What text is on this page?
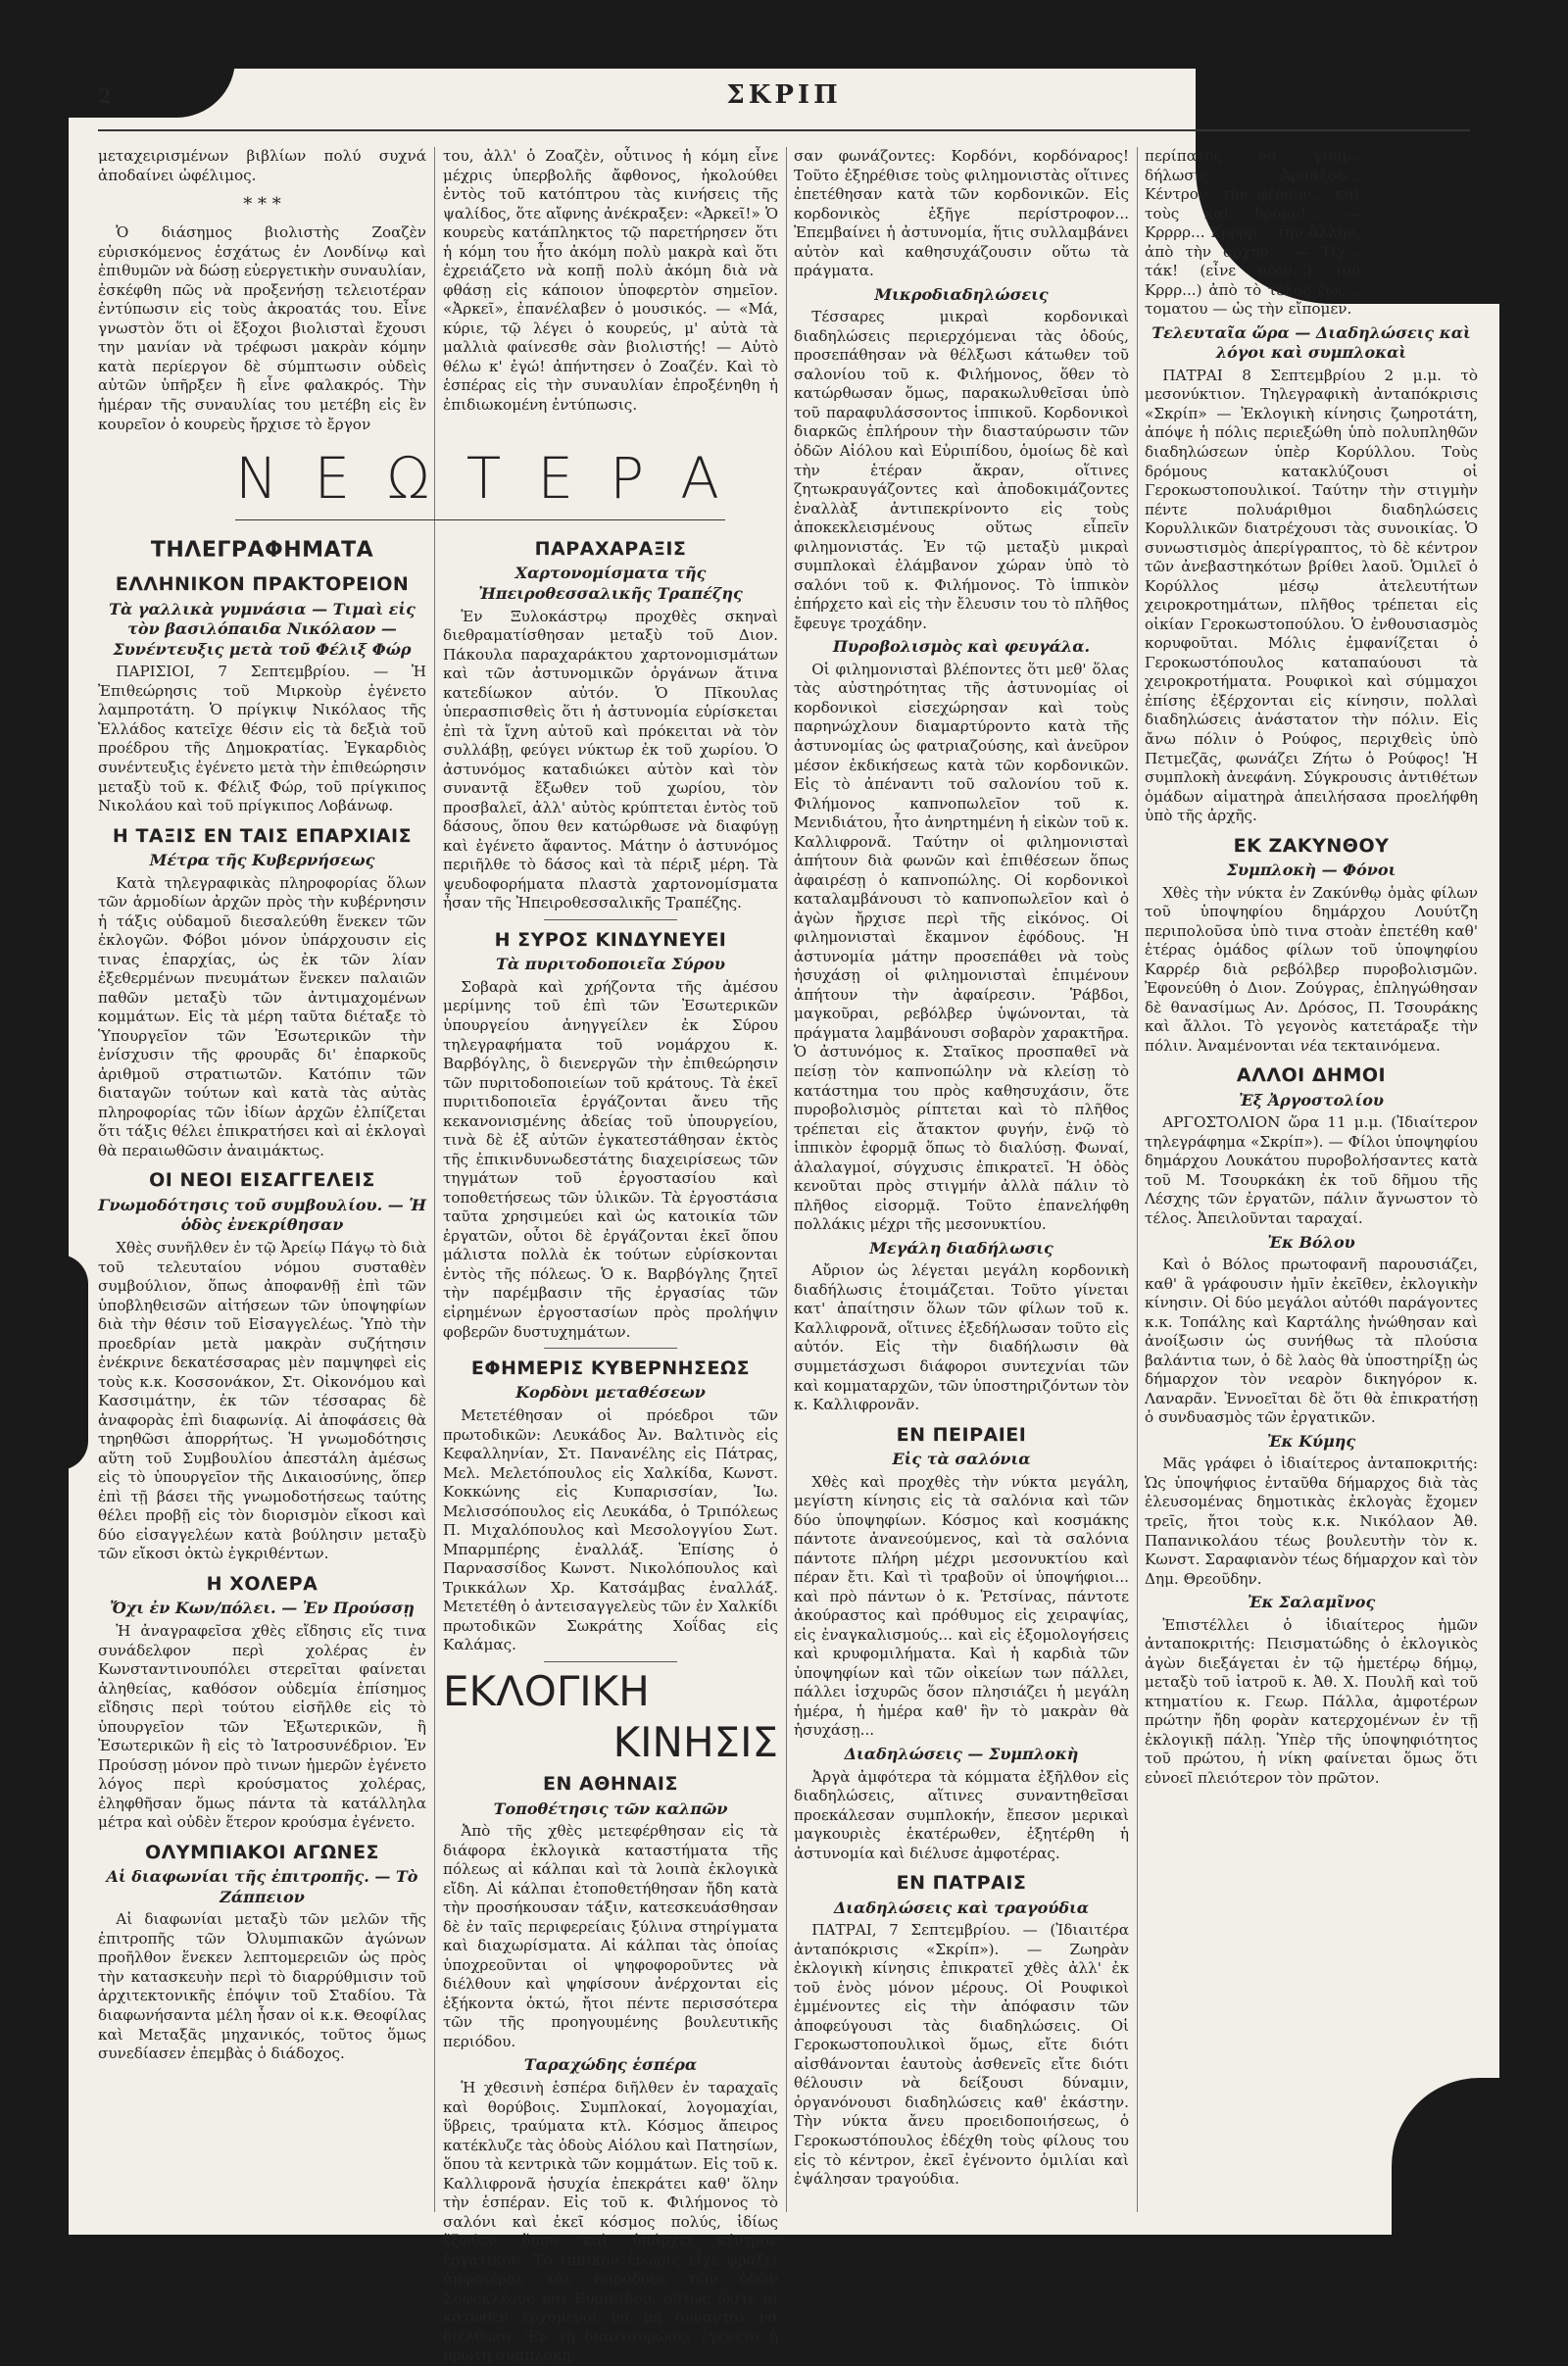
2	ΣΚΡΙΠ

μεταχειρισμένων βιβλίων πολύ συχνά ἀποδαίνει ὠφέλιμος.

* * *

Ὁ διάσημος βιολιστὴς Ζοαζὲν εὑρισκόμενος ἐσχάτως ἐν Λονδίνῳ καὶ ἐπιθυμῶν νὰ δώσῃ εὐεργετικὴν συναυλίαν, ἐσκέφθη πῶς νὰ προξενήσῃ τελειοτέραν ἐντύπωσιν εἰς τοὺς ἀκροατάς του. Εἶνε γνωστὸν ὅτι οἱ ἔξοχοι βιολισταὶ ἔχουσι την μανίαν νὰ τρέφωσι μακρὰν κόμην κατὰ περίεργον δὲ σύμπτωσιν οὐδεὶς αὐτῶν ὑπῆρξεν ἢ εἶνε φαλακρός. Τὴν ἡμέραν τῆς συναυλίας του μετέβη εἰς ἓν κουρεῖον ὁ κουρεὺς ἤρχισε τὸ ἔργον

του, ἀλλ' ὁ Ζοαζὲν, οὗτινος ἡ κόμη εἶνε μέχρις ὑπερβολῆς ἄφθονος, ἠκολούθει ἐντὸς τοῦ κατόπτρου τὰς κινήσεις τῆς ψαλίδος, ὅτε αἴφνης ἀνέκραξεν: «Ἀρκεῖ!» Ὁ κουρεὺς κατάπληκτος τῷ παρετήρησεν ὅτι ἡ κόμη του ἦτο ἀκόμη πολὺ μακρὰ καὶ ὅτι ἐχρειάζετο νὰ κοπῇ πολὺ ἀκόμη διὰ νὰ φθάσῃ εἰς κάποιον ὑποφερτὸν σημεῖον. «Ἀρκεῖ», ἐπανέλαβεν ὁ μουσικός. — «Μά, κύριε, τῷ λέγει ὁ κουρεύς, μ' αὐτὰ τὰ μαλλιὰ φαίνεσθε σὰν βιολιστής! — Αὐτὸ θέλω κ' ἐγώ! ἀπήντησεν ὁ Ζοαζέν. Καὶ τὸ ἑσπέρας εἰς τὴν συναυλίαν ἐπροξένηθη ἡ ἐπιδιωκομένη ἐντύπωσις.

Ν Ε Ω Τ Ε Ρ Α
ΤΗΛΕΓΡΑΦΗΜΑΤΑ
ΕΛΛΗΝΙΚΟΝ ΠΡΑΚΤΟΡΕΙΟΝ
Τὰ γαλλικὰ γυμνάσια — Τιμαὶ εἰς τὸν βασιλόπαιδα Νικόλαον — Συνέντευξις μετὰ τοῦ Φέλιξ Φώρ

ΠΑΡΙΣΙΟΙ, 7 Σεπτεμβρίου. — Ἡ Ἐπιθεώρησις τοῦ Μιρκοὺρ ἐγένετο λαμπροτάτη. Ὁ πρίγκιψ Νικόλαος τῆς Ἑλλάδος κατεῖχε θέσιν εἰς τὰ δεξιὰ τοῦ προέδρου τῆς Δημοκρατίας. Ἐγκαρδιὸς συνέντευξις ἐγένετο μετὰ τὴν ἐπιθεώρησιν μεταξὺ τοῦ κ. Φέλιξ Φώρ, τοῦ πρίγκιπος Νικολάου καὶ τοῦ πρίγκιπος Λοβάνωφ.

Η ΤΑΞΙΣ ΕΝ ΤΑΙΣ ΕΠΑΡΧΙΑΙΣ
Μέτρα τῆς Κυβερνήσεως

Κατὰ τηλεγραφικὰς πληροφορίας ὅλων τῶν ἁρμοδίων ἀρχῶν πρὸς τὴν κυβέρνησιν ἡ τάξις οὐδαμοῦ διεσαλεύθη ἕνεκεν τῶν ἐκλογῶν. Φόβοι μόνον ὑπάρχουσιν εἰς τινας ἐπαρχίας, ὡς ἐκ τῶν λίαν ἐξεθερμένων πνευμάτων ἕνεκεν παλαιῶν παθῶν μεταξὺ τῶν ἀντιμαχομένων κομμάτων. Εἰς τὰ μέρη ταῦτα διέταξε τὸ Ὑπουργεῖον τῶν Ἐσωτερικῶν τὴν ἐνίσχυσιν τῆς φρουρᾶς δι' ἐπαρκοῦς ἀριθμοῦ στρατιωτῶν. Κατόπιν τῶν διαταγῶν τούτων καὶ κατὰ τὰς αὐτὰς πληροφορίας τῶν ἰδίων ἀρχῶν ἐλπίζεται ὅτι τάξις θέλει ἐπικρατήσει καὶ αἱ ἐκλογαὶ θὰ περαιωθῶσιν ἀναιμάκτως.

ΟΙ ΝΕΟΙ ΕΙΣΑΓΓΕΛΕΙΣ
Γνωμοδότησις τοῦ συμβουλίου. — Ἡ ὁδὸς ἐνεκρίθησαν

Χθὲς συνῆλθεν ἐν τῷ Ἀρείῳ Πάγῳ τὸ διὰ τοῦ τελευταίου νόμου συσταθὲν συμβούλιον, ὅπως ἀποφανθῇ ἐπὶ τῶν ὑποβληθεισῶν αἰτήσεων τῶν ὑποψηφίων διὰ τὴν θέσιν τοῦ Εἰσαγγελέως. Ὑπὸ τὴν προεδρίαν μετὰ μακρὰν συζήτησιν ἐνέκρινε δεκατέσσαρας μὲν παμψηφεὶ εἰς τοὺς κ.κ. Κοσσονάκον, Στ. Οἰκονόμου καὶ Κασσιμάτην, ἐκ τῶν τέσσαρας δὲ ἀναφορὰς ἐπὶ διαφωνίᾳ. Αἱ ἀποφάσεις θὰ τηρηθῶσι ἀπορρήτως. Ἡ γνωμοδότησις αὕτη τοῦ Συμβουλίου ἀπεστάλη ἀμέσως εἰς τὸ ὑπουργεῖον τῆς Δικαιοσύνης, ὅπερ ἐπὶ τῇ βάσει τῆς γνωμοδοτήσεως ταύτης θέλει προβῇ εἰς τὸν διορισμὸν εἴκοσι καὶ δύο εἰσαγγελέων κατὰ βούλησιν μεταξὺ τῶν εἴκοσι ὀκτὼ ἐγκριθέντων.

Η ΧΟΛΕΡΑ
Ὄχι ἐν Κων/πόλει. — Ἐν Προύσσῃ

Ἡ ἀναγραφεῖσα χθὲς εἴδησις εἴς τινα συνάδελφον περὶ χολέρας ἐν Κωνσταντινουπόλει στερεῖται φαίνεται ἀληθείας, καθόσον οὐδεμία ἐπίσημος εἴδησις περὶ τούτου εἰσῆλθε εἰς τὸ ὑπουργεῖον τῶν Ἐξωτερικῶν, ἢ Ἐσωτερικῶν ἢ εἰς τὸ Ἰατροσυνέδριον. Ἐν Προύσσῃ μόνον πρὸ τινων ἡμερῶν ἐγένετο λόγος περὶ κρούσματος χολέρας, ἐληφθῆσαν ὅμως πάντα τὰ κατάλληλα μέτρα καὶ οὐδὲν ἕτερον κρούσμα ἐγένετο.

ΟΛΥΜΠΙΑΚΟΙ ΑΓΩΝΕΣ
Αἱ διαφωνίαι τῆς ἐπιτροπῆς. — Τὸ Ζάππειον

Αἱ διαφωνίαι μεταξὺ τῶν μελῶν τῆς ἐπιτροπῆς τῶν Ὀλυμπιακῶν ἀγώνων προῆλθον ἕνεκεν λεπτομερειῶν ὡς πρὸς τὴν κατασκευὴν περὶ τὸ διαρρύθμισιν τοῦ ἀρχιτεκτονικῆς ἐπόψιν τοῦ Σταδίου. Τὰ διαφωνήσαντα μέλη ἦσαν οἱ κ.κ. Θεοφίλας καὶ Μεταξᾶς μηχανικός, τοῦτος ὅμως συνεδίασεν ἐπεμβὰς ὁ διάδοχος.

ΠΑΡΑΧΑΡΑΞΙΣ
Χαρτονομίσματα τῆς Ἠπειροθεσσαλικῆς Τραπέζης

Ἐν Ξυλοκάστρῳ προχθὲς σκηναὶ διεθραματίσθησαν μεταξὺ τοῦ Διον. Πάκουλα παραχαράκτου χαρτονομισμάτων καὶ τῶν ἀστυνομικῶν ὀργάνων ἅτινα κατεδίωκον αὐτόν. Ὁ Πῖκουλας ὑπερασπισθεὶς ὅτι ἡ ἀστυνομία εὑρίσκεται ἐπὶ τὰ ἴχνη αὐτοῦ καὶ πρόκειται νὰ τὸν συλλάβῃ, φεύγει νύκτωρ ἐκ τοῦ χωρίου. Ὁ ἀστυνόμος καταδιώκει αὐτὸν καὶ τὸν συναντᾷ ἔξωθεν τοῦ χωρίου, τὸν προσβαλεῖ, ἀλλ' αὐτὸς κρύπτεται ἐντὸς τοῦ δάσους, ὅπου θεν κατώρθωσε νὰ διαφύγῃ καὶ ἐγένετο ἄφαντος. Μάτην ὁ ἀστυνόμος περιῆλθε τὸ δάσος καὶ τὰ πέριξ μέρη. Τὰ ψευδοφορήματα πλαστὰ χαρτονομίσματα ἦσαν τῆς Ἠπειροθεσσαλικῆς Τραπέζης.

Η ΣΥΡΟΣ ΚΙΝΔΥΝΕΥΕΙ
Τὰ πυριτοδοποιεῖα Σύρου

Σοβαρὰ καὶ χρήζοντα τῆς ἀμέσου μερίμνης τοῦ ἐπὶ τῶν Ἐσωτερικῶν ὑπουργείου ἀνηγγείλεν ἐκ Σύρου τηλεγραφήματα τοῦ νομάρχου κ. Βαρβόγλης, ὃ διενεργῶν τὴν ἐπιθεώρησιν τῶν πυριτοδοποιείων τοῦ κράτους. Τὰ ἐκεῖ πυριτιδοποιεῖα ἐργάζονται ἄνευ τῆς κεκανονισμένης ἀδείας τοῦ ὑπουργείου, τινὰ δὲ ἐξ αὐτῶν ἐγκατεστάθησαν ἐκτὸς τῆς ἐπικινδυνωδεστάτης διαχειρίσεως τῶν τηγμάτων τοῦ ἐργοστασίου καὶ τοποθετήσεως τῶν ὑλικῶν. Τὰ ἐργοστάσια ταῦτα χρησιμεύει καὶ ὡς κατοικία τῶν ἐργατῶν, οὗτοι δὲ ἐργάζονται ἐκεῖ ὅπου μάλιστα πολλὰ ἐκ τούτων εὑρίσκονται ἐντὸς τῆς πόλεως. Ὁ κ. Βαρβόγλης ζητεῖ τὴν παρέμβασιν τῆς ἐργασίας τῶν εἰρημένων ἐργοστασίων πρὸς προλήψιν φοβερῶν δυστυχημάτων.

ΕΦΗΜΕΡΙΣ ΚΥΒΕΡΝΗΣΕΩΣ
Κορδὸνι μεταθέσεων

Μετετέθησαν οἱ πρόεδροι τῶν πρωτοδικῶν: Λευκάδος Ἀν. Βαλτινὸς εἰς Κεφαλληνίαν, Στ. Πανανέλης εἰς Πάτρας, Μελ. Μελετόπουλος εἰς Χαλκίδα, Κωνστ. Κοκκώνης εἰς Κυπαρισσίαν, Ἰω. Μελισσόπουλος εἰς Λευκάδα, ὁ Τριπόλεως Π. Μιχαλόπουλος καὶ Μεσολογγίου Σωτ. Μπαρμπέρης ἐναλλάξ. Ἐπίσης ὁ Παρνασσίδος Κωνστ. Νικολόπουλος καὶ Τρικκάλων Χρ. Κατσάμβας ἐναλλάξ. Μετετέθη ὁ ἀντεισαγγελεὺς τῶν ἐν Χαλκίδι πρωτοδικῶν Σωκράτης Χοΐδας εἰς Καλάμας.

ΕΚΛΟΓΙΚΗ
ΚΙΝΗΣΙΣ
ΕΝ ΑΘΗΝΑΙΣ
Τοποθέτησις τῶν καλπῶν

Ἀπὸ τῆς χθὲς μετεφέρθησαν εἰς τὰ διάφορα ἐκλογικὰ καταστήματα τῆς πόλεως αἱ κάλπαι καὶ τὰ λοιπὰ ἐκλογικὰ εἴδη. Αἱ κάλπαι ἐτοποθετήθησαν ἤδη κατὰ τὴν προσήκουσαν τάξιν, κατεσκευάσθησαν δὲ ἐν ταῖς περιφερείαις ξύλινα στηρίγματα καὶ διαχωρίσματα. Αἱ κάλπαι τὰς ὁποίας ὑποχρεοῦνται οἱ ψηφοφοροῦντες νὰ διέλθουν καὶ ψηφίσουν ἀνέρχονται εἰς ἑξήκοντα ὀκτώ, ἤτοι πέντε περισσότερα τῶν τῆς προηγουμένης βουλευτικῆς περιόδου.

Ταραχώδης ἑσπέρα

Ἡ χθεσινὴ ἑσπέρα διῆλθεν ἐν ταραχαῖς καὶ θορύβοις. Συμπλοκαί, λογομαχίαι, ὕβρεις, τραύματα κτλ. Κόσμος ἄπειρος κατέκλυζε τὰς ὁδοὺς Αἰόλου καὶ Πατησίων, ὅπου τὰ κεντρικὰ τῶν κομμάτων. Εἰς τοῦ κ. Καλλιφρονᾶ ἡσυχία ἐπεκράτει καθ' ὅλην τὴν ἑσπέραν. Εἰς τοῦ κ. Φιλήμονος τὸ σαλόνι καὶ ἐκεῖ κόσμος πολύς, ἰδίως ἔξωθεν ὅπου καὶ ὑπάρχει κέντρον ἐργατικόν. Τὸ ἱππικὸν ἐνωρὶς εἶχε φράξει ἀμφοτέρας τὰς παρόδους τῶν ὁδῶν Σοφοκλέους καὶ Εὐριπίδου, οὕτως ὥστε οἱ κάτωθεν ἐρχόμενοι νὰ μὴ δύνανται νὰ διέλθωσι. Ἐν τῇ διασταυρώσει ἐγένετο ἡ πρώτη συμπλοκή.

σαν φωνάζοντες: Κορδόνι, κορδόναρος! Τοῦτο ἐξηρέθισε τοὺς φιλημονιστὰς οἵτινες ἐπετέθησαν κατὰ τῶν κορδονικῶν. Εἰς κορδονικὸς ἐξῆγε περίστροφον... Ἐπεμβαίνει ἡ ἀστυνομία, ἥτις συλλαμβάνει αὐτὸν καὶ καθησυχάζουσιν οὕτω τὰ πράγματα.

Μικροδιαδηλώσεις

Τέσσαρες μικραὶ κορδονικαὶ διαδηλώσεις περιερχόμεναι τὰς ὁδούς, προσεπάθησαν νὰ θέλξωσι κάτωθεν τοῦ σαλονίου τοῦ κ. Φιλήμονος, ὅθεν τὸ κατώρθωσαν ὅμως, παρακωλυθεῖσαι ὑπὸ τοῦ παραφυλάσσοντος ἱππικοῦ. Κορδονικοὶ διαρκῶς ἐπλήρουν τὴν διασταύρωσιν τῶν ὁδῶν Αἰόλου καὶ Εὐριπίδου, ὁμοίως δὲ καὶ τὴν ἑτέραν ἄκραν, οἵτινες ζητωκραυγάζοντες καὶ ἀποδοκιμάζοντες ἐναλλὰξ ἀντιπεκρίνοντο εἰς τοὺς ἀποκεκλεισμένους οὕτως εἶπεῖν φιλημονιστάς. Ἐν τῷ μεταξὺ μικραὶ συμπλοκαὶ ἐλάμβανον χώραν ὑπὸ τὸ σαλόνι τοῦ κ. Φιλήμονος. Τὸ ἱππικὸν ἐπήρχετο καὶ εἰς τὴν ἔλευσιν του τὸ πλῆθος ἔφευγε τροχάδην.

Πυροβολισμὸς καὶ φευγάλα.

Οἱ φιλημονισταὶ βλέποντες ὅτι μεθ' ὅλας τὰς αὐστηρότητας τῆς ἀστυνομίας οἱ κορδονικοὶ εἰσεχώρησαν καὶ τοὺς παρηνώχλουν διαμαρτύροντο κατὰ τῆς ἀστυνομίας ὡς φατριαζούσης, καὶ ἀνεῦρον μέσον ἐκδικήσεως κατὰ τῶν κορδονικῶν. Εἰς τὸ ἀπέναντι τοῦ σαλονίου τοῦ κ. Φιλήμονος καπνοπωλεῖον τοῦ κ. Μενιδιάτου, ἦτο ἀνηρτημένη ἡ εἰκὼν τοῦ κ. Καλλιφρονᾶ. Ταύτην οἱ φιλημονισταὶ ἀπήτουν διὰ φωνῶν καὶ ἐπιθέσεων ὅπως ἀφαιρέσῃ ὁ καπνοπώλης. Οἱ κορδονικοὶ καταλαμβάνουσι τὸ καπνοπωλεῖον καὶ ὁ ἀγὼν ἤρχισε περὶ τῆς εἰκόνος. Οἱ φιλημονισταὶ ἔκαμνον ἐφόδους. Ἡ ἀστυνομία μάτην προσεπάθει νὰ τοὺς ἡσυχάσῃ οἱ φιλημονισταὶ ἐπιμένουν ἀπήτουν τὴν ἀφαίρεσιν. Ῥάβδοι, μαγκοῦραι, ρεβόλβερ ὑψώνονται, τὰ πράγματα λαμβάνουσι σοβαρὸν χαρακτῆρα. Ὁ ἀστυνόμος κ. Σταῖκος προσπαθεῖ νὰ πείσῃ τὸν καπνοπώλην νὰ κλείσῃ τὸ κατάστημα του πρὸς καθησυχάσιν, ὅτε πυροβολισμὸς ρίπτεται καὶ τὸ πλῆθος τρέπεται εἰς ἄτακτον φυγήν, ἐνῷ τὸ ἱππικὸν ἐφορμᾷ ὅπως τὸ διαλύσῃ. Φωναί, ἀλαλαγμοί, σύγχυσις ἐπικρατεῖ. Ἡ ὁδὸς κενοῦται πρὸς στιγμήν ἀλλὰ πάλιν τὸ πλῆθος εἰσορμᾷ. Τοῦτο ἐπανελήφθη πολλάκις μέχρι τῆς μεσονυκτίου.

Μεγάλη διαδήλωσις

Αὔριον ὡς λέγεται μεγάλη κορδονικὴ διαδήλωσις ἑτοιμάζεται. Τοῦτο γίνεται κατ' ἀπαίτησιν ὅλων τῶν φίλων τοῦ κ. Καλλιφρονᾶ, οἵτινες ἐξεδήλωσαν τοῦτο εἰς αὐτόν. Εἰς τὴν διαδήλωσιν θὰ συμμετάσχωσι διάφοροι συντεχνίαι τῶν καὶ κομματαρχῶν, τῶν ὑποστηριζόντων τὸν κ. Καλλιφρονᾶν.

ΕΝ ΠΕΙΡΑΙΕΙ
Εἰς τὰ σαλόνια

Χθὲς καὶ προχθὲς τὴν νύκτα μεγάλη, μεγίστη κίνησις εἰς τὰ σαλόνια καὶ τῶν δύο ὑποψηφίων. Κόσμος καὶ κοσμάκης πάντοτε ἀνανεούμενος, καὶ τὰ σαλόνια πάντοτε πλήρη μέχρι μεσονυκτίου καὶ πέραν ἔτι. Καὶ τὶ τραβοῦν οἱ ὑποψήφιοι... καὶ πρὸ πάντων ὁ κ. Ῥετσίνας, πάντοτε ἀκούραστος καὶ πρόθυμος εἰς χειραψίας, εἰς ἐναγκαλισμούς... καὶ εἰς ἐξομολογήσεις καὶ κρυφομιλήματα. Καὶ ἡ καρδιὰ τῶν ὑποψηφίων καὶ τῶν οἰκείων των πάλλει, πάλλει ἰσχυρῶς ὅσον πλησιάζει ἡ μεγάλη ἡμέρα, ἡ ἡμέρα καθ' ἣν τὸ μακρὰν θὰ ἡσυχάσῃ...

Διαδηλώσεις — Συμπλοκὴ

Ἀργὰ ἀμφότερα τὰ κόμματα ἐξῆλθον εἰς διαδηλώσεις, αἵτινες συναντηθεῖσαι προεκάλεσαν συμπλοκήν, ἔπεσον μερικαὶ μαγκουριὲς ἑκατέρωθεν, ἐξητέρθη ἡ ἀστυνομία καὶ διέλυσε ἀμφοτέρας.

ΕΝ ΠΑΤΡΑΙΣ
Διαδηλώσεις καὶ τραγούδια

ΠΑΤΡΑΙ, 7 Σεπτεμβρίου. — (Ἰδιαιτέρα ἀνταπόκρισις «Σκρίπ»). — Ζωηρὰν ἐκλογικὴ κίνησις ἐπικρατεῖ χθὲς ἀλλ' ἐκ τοῦ ἑνὸς μόνον μέρους. Οἱ Ρουφικοὶ ἐμμένοντες εἰς τὴν ἀπόφασιν τῶν ἀποφεύγουσι τὰς διαδηλώσεις. Οἱ Γεροκωστοπουλικοὶ ὅμως, εἴτε διότι αἰσθάνονται ἑαυτοὺς ἀσθενεῖς εἴτε διότι θέλουσιν νὰ δείξουσι δύναμιν, ὀργανόνουσι διαδηλώσεις καθ' ἑκάστην. Τὴν νύκτα ἄνευ προειδοποιήσεως, ὁ Γεροκωστόπουλος ἐδέχθη τοὺς φίλους του εἰς τὸ κέντρον, ἐκεῖ ἐγένοντο ὁμιλίαι καὶ ἐψάλησαν τραγούδια.

περίπατος νὰ γίνῃ... δήλωσις. Ἀρπάξου... Κέντρον, τὴν φέρουν... καὶ τοὺς καὶ δρόμο!... — Κρρρρ... Κρρρρ... τὴν ἄλλην, ἀπὸ τὴν ἀρχὴν... — Τὶχ... τάκ! (εἶνε νέον...) τοῦ Κρρρ...) ἀπὸ τὸ τέλος ἕως... τοματου — ὡς τὴν εἴπομεν.

Τελευταῖα ὥρα — Διαδηλώσεις καὶ λόγοι καὶ συμπλοκαὶ

ΠΑΤΡΑΙ 8 Σεπτεμβρίου 2 μ.μ. τὸ μεσονύκτιον. Τηλεγραφικὴ ἀνταπόκρισις «Σκρίπ» — Ἐκλογικὴ κίνησις ζωηροτάτη, ἀπόψε ἡ πόλις περιεξώθη ὑπὸ πολυπληθῶν διαδηλώσεων ὑπὲρ Κορύλλου. Τοὺς δρόμους κατακλύζουσι οἱ Γεροκωστοπουλικοί. Ταύτην τὴν στιγμὴν πέντε πολυάριθμοι διαδηλώσεις Κορυλλικῶν διατρέχουσι τὰς συνοικίας. Ὁ συνωστισμὸς ἀπερίγραπτος, τὸ δὲ κέντρον τῶν ἀνεβαστηκότων βρίθει λαοῦ. Ὁμιλεῖ ὁ Κορύλλος μέσῳ ἀτελευτήτων χειροκροτημάτων, πλῆθος τρέπεται εἰς οἰκίαν Γεροκωστοπούλου. Ὁ ἐνθουσιασμὸς κορυφοῦται. Μόλις ἐμφανίζεται ὁ Γεροκωστόπουλος καταπαύουσι τὰ χειροκροτήματα. Ρουφικοὶ καὶ σύμμαχοι ἐπίσης ἐξέρχονται εἰς κίνησιν, πολλαὶ διαδηλώσεις ἀνάστατον τὴν πόλιν. Εἰς ἄνω πόλιν ὁ Ρούφος, περιχθεὶς ὑπὸ Πετμεζᾶς, φωνάζει Ζήτω ὁ Ρούφος! Ἡ συμπλοκὴ ἀνεφάνη. Σύγκρουσις ἀντιθέτων ὁμάδων αἱματηρὰ ἀπειλήσασα προελήφθη ὑπὸ τῆς ἀρχῆς.

ΕΚ ΖΑΚΥΝΘΟΥ
Συμπλοκὴ — Φόνοι

Χθὲς τὴν νύκτα ἐν Ζακύνθῳ ὁμὰς φίλων τοῦ ὑποψηφίου δημάρχου Λουύτζη περιπολοῦσα ὑπὸ τινα στοὰν ἐπετέθη καθ' ἑτέρας ὁμάδος φίλων τοῦ ὑποψηφίου Καρρέρ διὰ ρεβόλβερ πυροβολισμῶν. Ἐφονεύθη ὁ Διον. Ζούγρας, ἐπληγώθησαν δὲ θανασίμως Αν. Δρόσος, Π. Τσουράκης καὶ ἄλλοι. Τὸ γεγονὸς κατετάραξε τὴν πόλιν. Ἀναμένονται νέα τεκταινόμενα.

ΑΛΛΟΙ ΔΗΜΟΙ
Ἐξ Ἀργοστολίου

ΑΡΓΟΣΤΟΛΙΟΝ ὥρα 11 μ.μ. (Ἰδιαίτερον τηλεγράφημα «Σκρίπ»). — Φίλοι ὑποψηφίου δημάρχου Λουκάτου πυροβολήσαντες κατὰ τοῦ Μ. Τσουρκάκη ἐκ τοῦ δῆμου τῆς Λέσχης τῶν ἐργατῶν, πάλιν ἄγνωστον τὸ τέλος. Ἀπειλοῦνται ταραχαί.

Ἐκ Βόλου

Καὶ ὁ Βόλος πρωτοφανῆ παρουσιάζει, καθ' ἃ γράφουσιν ἡμῖν ἐκεῖθεν, ἐκλογικὴν κίνησιν. Οἱ δύο μεγάλοι αὐτόθι παράγοντες κ.κ. Τοπάλης καὶ Καρτάλης ἠνώθησαν καὶ ἀνοίξωσιν ὡς συνήθως τὰ πλούσια βαλάντια των, ὁ δὲ λαὸς θὰ ὑποστηρίξῃ ὡς δήμαρχον τὸν νεαρὸν δικηγόρον κ. Λαναρᾶν. Ἐννοεῖται δὲ ὅτι θὰ ἐπικρατήσῃ ὁ συνδυασμὸς τῶν ἐργατικῶν.

Ἐκ Κύμης

Μᾶς γράφει ὁ ἰδιαίτερος ἀνταποκριτής: Ὡς ὑποψήφιος ἐνταῦθα δήμαρχος διὰ τὰς ἐλευσομένας δημοτικὰς ἐκλογὰς ἔχομεν τρεῖς, ἤτοι τοὺς κ.κ. Νικόλαον Ἀθ. Παπανικολάου τέως βουλευτὴν τὸν κ. Κωνστ. Σαραφιανὸν τέως δήμαρχον καὶ τὸν Δημ. Θρεοῦδην.

Ἐκ Σαλαμῖνος

Ἐπιστέλλει ὁ ἰδιαίτερος ἡμῶν ἀνταποκριτής: Πεισματώδης ὁ ἐκλογικὸς ἀγὼν διεξάγεται ἐν τῷ ἡμετέρῳ δήμῳ, μεταξὺ τοῦ ἰατροῦ κ. Ἀθ. Χ. Πουλῆ καὶ τοῦ κτηματίου κ. Γεωρ. Πάλλα, ἀμφοτέρων πρώτην ἤδη φορὰν κατερχομένων ἐν τῇ ἐκλογικῇ πάλῃ. Ὑπὲρ τῆς ὑποψηφιότητος τοῦ πρώτου, ἡ νίκη φαίνεται ὅμως ὅτι εὐνοεῖ πλειότερον τὸν πρῶτον.
